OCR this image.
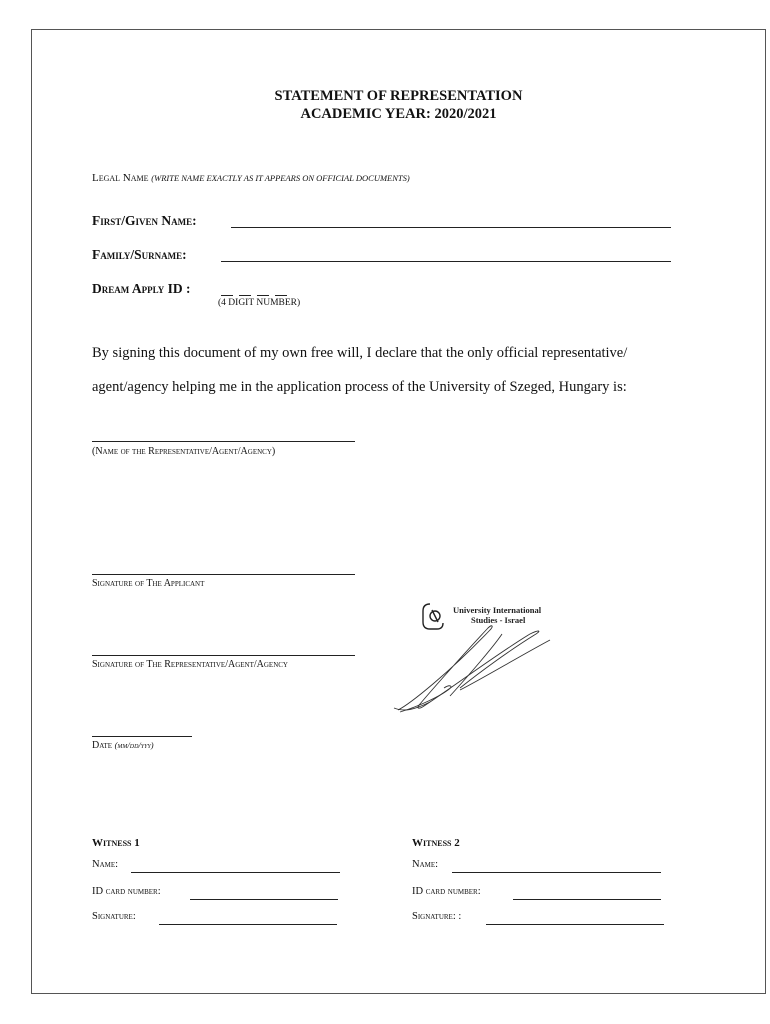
STATEMENT OF REPRESENTATION
ACADEMIC YEAR: 2020/2021
Legal Name (WRITE NAME EXACTLY AS IT APPEARS ON OFFICIAL DOCUMENTS)
First/Given Name:
Family/Surname:
Dream Apply ID :
(4 DIGIT NUMBER)
By signing this document of my own free will, I declare that the only official representative/
agent/agency helping me in the application process of the University of Szeged, Hungary is:
(Name of the Representative/Agent/Agency)
Signature of The Applicant
Signature of The Representative/Agent/Agency
Date (mm/dd/yyy)
Witness 1
Name:
ID card number:
Signature:
Witness 2
Name:
ID card number:
Signature: :
University International
Studies - Israel
